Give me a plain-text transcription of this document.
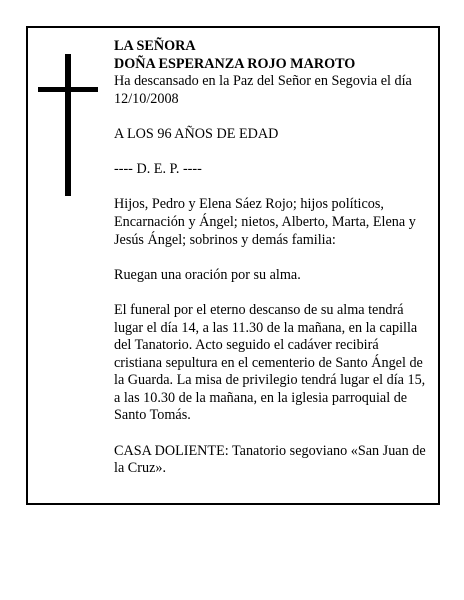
LA SEÑORA
DOÑA ESPERANZA ROJO MAROTO
Ha descansado en la Paz del Señor en Segovia el día 12/10/2008

A LOS 96 AÑOS DE EDAD

---- D. E. P. ----

Hijos, Pedro y Elena Sáez Rojo; hijos políticos, Encarnación y Ángel; nietos, Alberto, Marta, Elena y Jesús Ángel; sobrinos y demás familia:

Ruegan una oración por su alma.

El funeral por el eterno descanso de su alma tendrá lugar el día 14, a las 11.30 de la mañana, en la capilla del Tanatorio. Acto seguido el cadáver recibirá cristiana sepultura en el cementerio de Santo Ángel de la Guarda. La misa de privilegio tendrá lugar el día 15, a las 10.30 de la mañana, en la iglesia parroquial de Santo Tomás.

CASA DOLIENTE: Tanatorio segoviano «San Juan de la Cruz».
